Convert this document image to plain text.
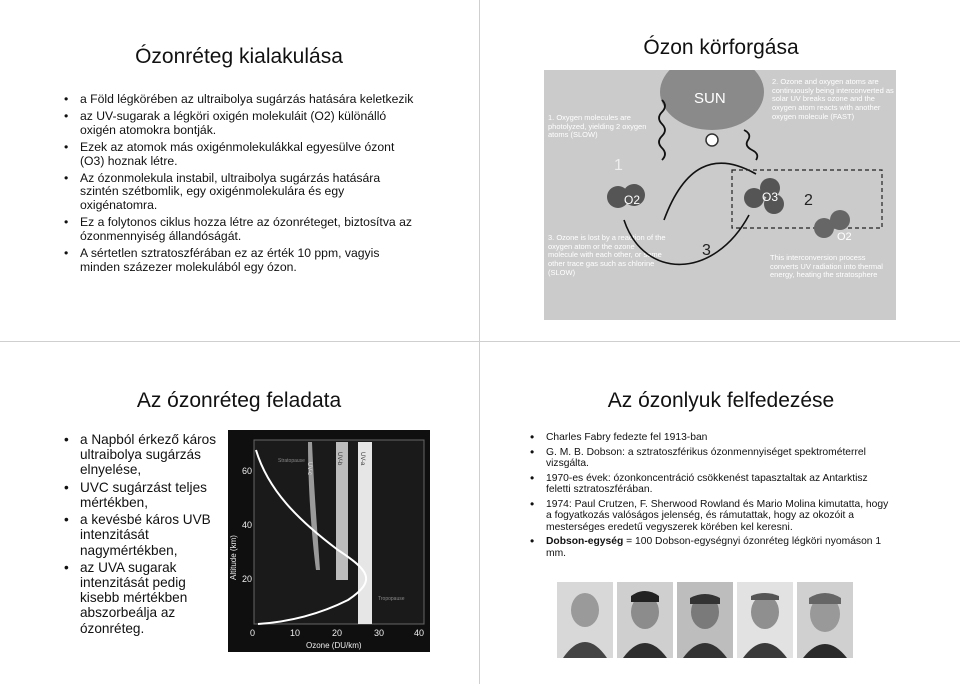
Ózonréteg kialakulása
• a Föld légkörében az ultraibolya sugárzás hatására keletkezik
• az UV-sugarak a légköri oxigén molekuláit (O2) különálló oxigén atomokra bontják.
• Ezek az atomok más oxigénmolekulákkal egyesülve ózont (O3) hoznak létre.
• Az ózonmolekula instabil, ultraibolya sugárzás hatására szintén szétbomlik, egy oxigénmolekulára és egy oxigénatomra.
• Ez a folytonos ciklus hozza létre az ózonréteget, biztosítva az ózonmennyiség állandóságát.
• A sértetlen sztratoszférában ez az érték 10 ppm, vagyis minden százezer molekulából egy ózon.
Ózon körforgása
SUN
1. Oxygen molecules are photolyzed, yielding 2 oxygen atoms (SLOW)
2. Ozone and oxygen atoms are continuously being interconverted as solar UV breaks ozone and the oxygen atom reacts with another oxygen molecule (FAST)
3. Ozone is lost by a reaction of the oxygen atom or the ozone molecule with each other, or some other trace gas such as chlorine (SLOW)
This interconversion process converts UV radiation into thermal energy, heating the stratosphere
O2	O3
O2
1
2
3
Az ózonréteg feladata
• a Napból érkező káros ultraibolya sugárzás elnyelése,
• UVC sugárzást teljes mértékben,
• a kevésbé káros UVB intenzitását nagymértékben,
• az UVA sugarak intenzitását pedig kisebb mértékben abszorbeálja az ózonréteg.
UV-c
UV-b	UV-a
Stratopause
Tropopause
60
40
20
0	10	20	30	40
Ozone (DU/km)
Altitude (km)
Az ózonlyuk felfedezése
• Charles Fabry fedezte fel 1913-ban
• G. M. B. Dobson: a sztratoszférikus ózonmennyiséget spektrométerrel vizsgálta.
• 1970-es évek: ózonkoncentráció csökkenést tapasztaltak az Antarktisz feletti sztratoszférában.
• 1974: Paul Crutzen, F. Sherwood Rowland és Mario Molina kimutatta, hogy a fogyatkozás valóságos jelenség, és rámutattak, hogy az okozóit a mesterséges eredetű vegyszerek körében kel keresni.
• Dobson-egység = 100 Dobson-egységnyi ózonréteg légköri nyomáson 1 mm.
